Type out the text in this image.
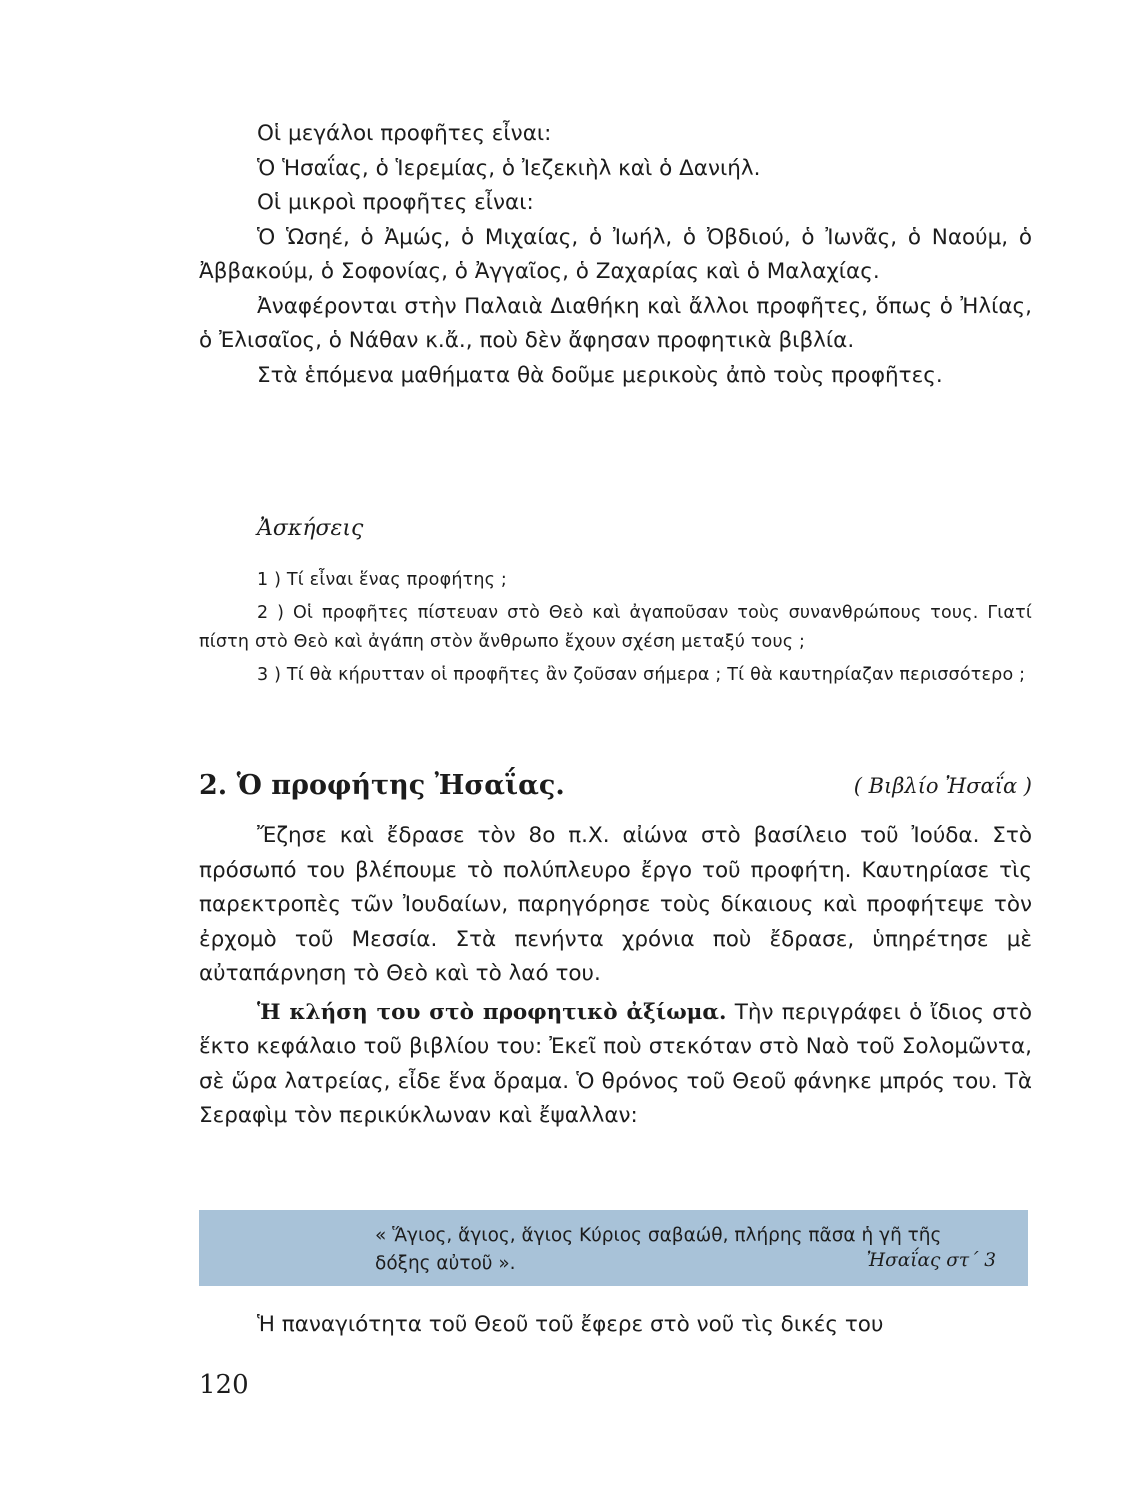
Οἱ μεγάλοι προφῆτες εἶναι:

Ὁ Ἡσαΐας, ὁ Ἱερεμίας, ὁ Ἰεζεκιὴλ καὶ ὁ Δανιήλ.

Οἱ μικροὶ προφῆτες εἶναι:

Ὁ Ὡσηέ, ὁ Ἀμώς, ὁ Μιχαίας, ὁ Ἰωήλ, ὁ Ὀβδιού, ὁ Ἰωνᾶς, ὁ Ναούμ, ὁ Ἀββακούμ, ὁ Σοφονίας, ὁ Ἀγγαῖος, ὁ Ζαχαρίας καὶ ὁ Μαλαχίας.

Ἀναφέρονται στὴν Παλαιὰ Διαθήκη καὶ ἄλλοι προφῆτες, ὅπως ὁ Ἠλίας, ὁ Ἐλισαῖος, ὁ Νάθαν κ.ἄ., ποὺ δὲν ἄφησαν προφητικὰ βιβλία.

Στὰ ἑπόμενα μαθήματα θὰ δοῦμε μερικοὺς ἀπὸ τοὺς προφῆτες.

Ἀσκήσεις

1 ) Τί εἶναι ἕνας προφήτης ;

2 ) Οἱ προφῆτες πίστευαν στὸ Θεὸ καὶ ἀγαποῦσαν τοὺς συνανθρώπους τους. Γιατί πίστη στὸ Θεὸ καὶ ἀγάπη στὸν ἄνθρωπο ἔχουν σχέση μεταξύ τους ;

3 ) Τί θὰ κήρυτταν οἱ προφῆτες ἂν ζοῦσαν σήμερα ; Τί θὰ καυτηρίαζαν περισσότερο ;

2. Ὁ προφήτης Ἠσαΐας.	( Βιβλίο Ἠσαΐα )

Ἔζησε καὶ ἔδρασε τὸν 8ο π.Χ. αἰώνα στὸ βασίλειο τοῦ Ἰούδα. Στὸ πρόσωπό του βλέπουμε τὸ πολύπλευρο ἔργο τοῦ προφήτη. Καυτηρίασε τὶς παρεκτροπὲς τῶν Ἰουδαίων, παρηγόρησε τοὺς δίκαιους καὶ προφήτεψε τὸν ἐρχομὸ τοῦ Μεσσία. Στὰ πενήντα χρόνια ποὺ ἔδρασε, ὑπηρέτησε μὲ αὐταπάρνηση τὸ Θεὸ καὶ τὸ λαό του.

Ἡ κλήση του στὸ προφητικὸ ἀξίωμα. Τὴν περιγράφει ὁ ἴδιος στὸ ἕκτο κεφάλαιο τοῦ βιβλίου του: Ἐκεῖ ποὺ στεκόταν στὸ Ναὸ τοῦ Σολομῶντα, σὲ ὥρα λατρείας, εἶδε ἕνα ὅραμα. Ὁ θρόνος τοῦ Θεοῦ φάνηκε μπρός του. Τὰ Σεραφὶμ τὸν περικύκλωναν καὶ ἔψαλλαν:

« Ἅγιος, ἅγιος, ἅγιος Κύριος σαβαώθ, πλήρης πᾶσα ἡ γῆ τῆς δόξης αὐτοῦ ».	Ἠσαΐας στ´ 3

Ἡ παναγιότητα τοῦ Θεοῦ τοῦ ἔφερε στὸ νοῦ τὶς δικές του

120
